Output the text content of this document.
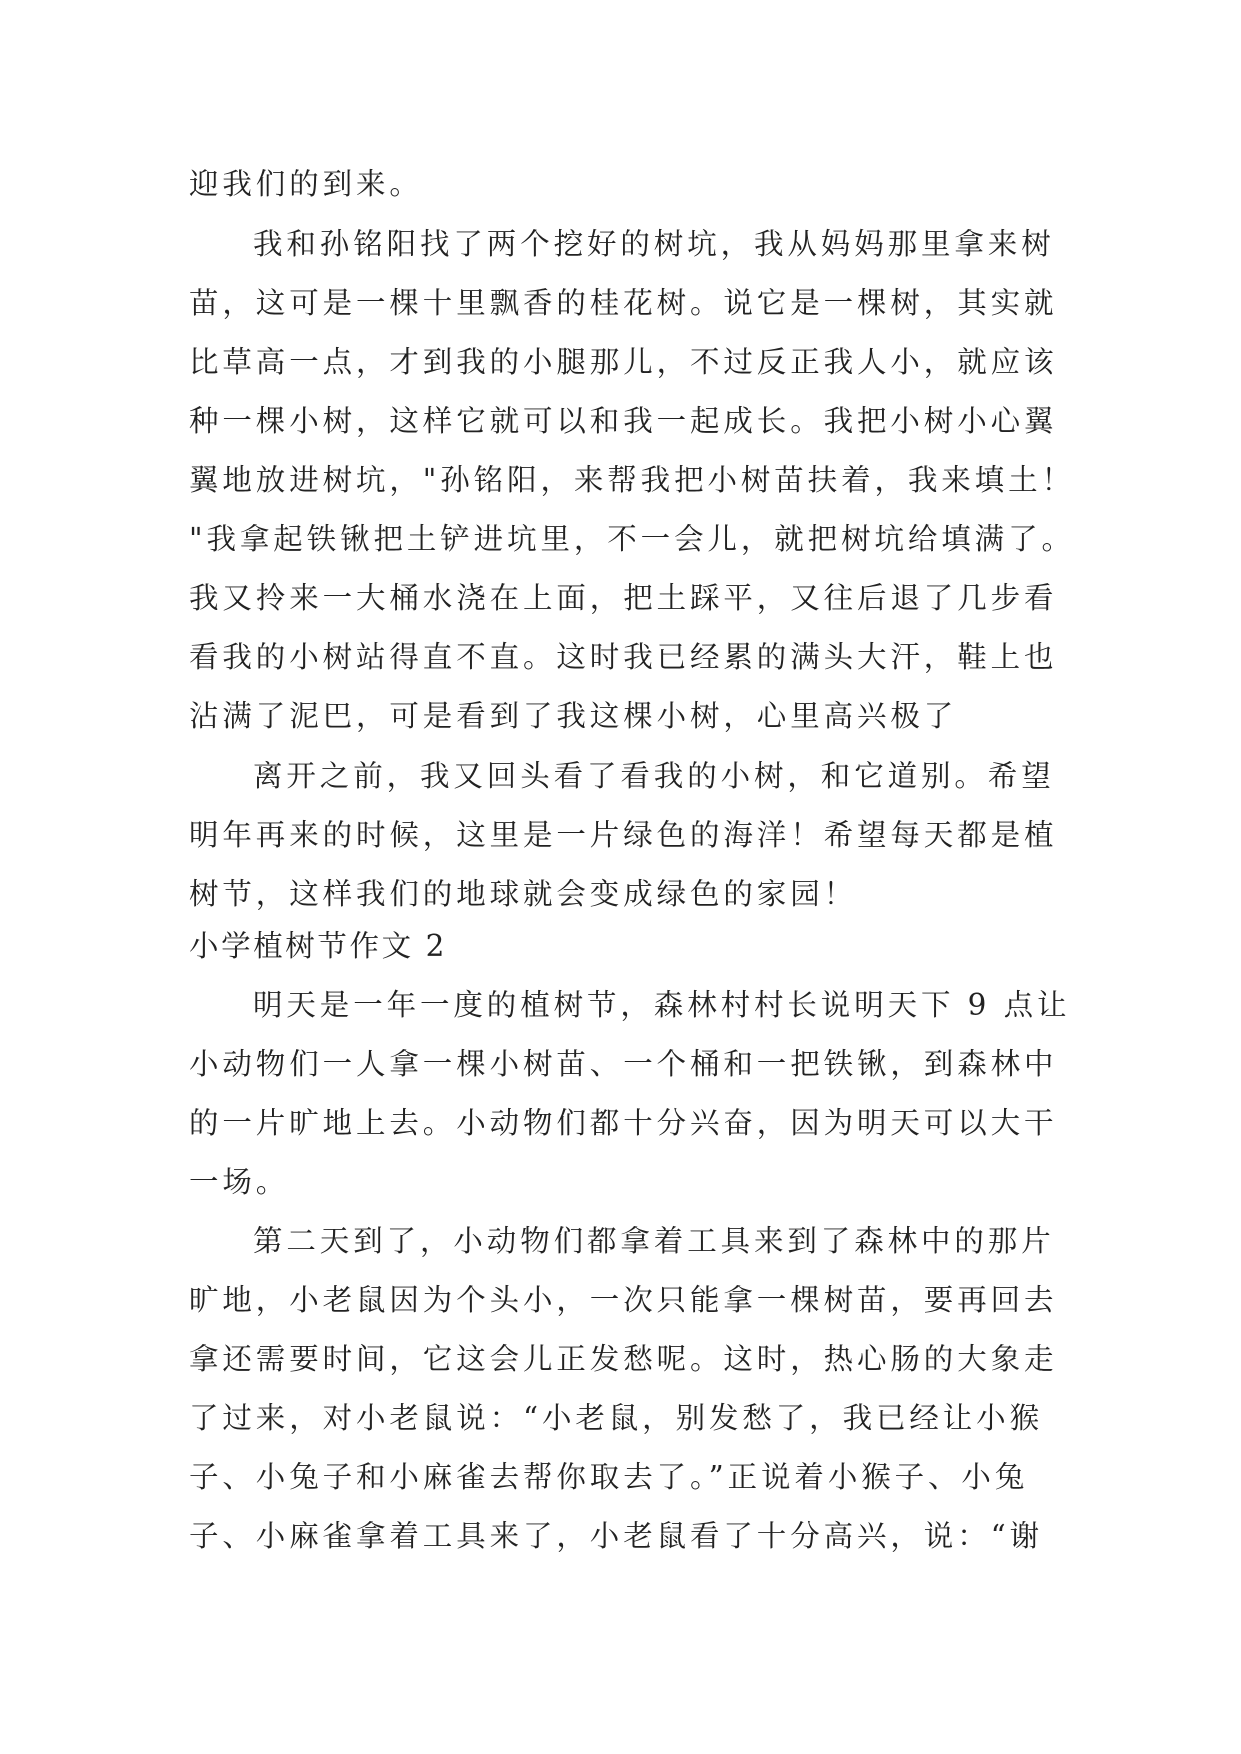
迎我们的到来。
我和孙铭阳找了两个挖好的树坑，我从妈妈那里拿来树
苗，这可是一棵十里飘香的桂花树。说它是一棵树，其实就
比草高一点，才到我的小腿那儿，不过反正我人小，就应该
种一棵小树，这样它就可以和我一起成长。我把小树小心翼
翼地放进树坑，"孙铭阳，来帮我把小树苗扶着，我来填土！
"我拿起铁锹把土铲进坑里，不一会儿，就把树坑给填满了。
我又拎来一大桶水浇在上面，把土踩平，又往后退了几步看
看我的小树站得直不直。这时我已经累的满头大汗，鞋上也
沾满了泥巴，可是看到了我这棵小树，心里高兴极了
离开之前，我又回头看了看我的小树，和它道别。希望
明年再来的时候，这里是一片绿色的海洋！希望每天都是植
树节，这样我们的地球就会变成绿色的家园！
小学植树节作文 2
明天是一年一度的植树节，森林村村长说明天下 9 点让
小动物们一人拿一棵小树苗、一个桶和一把铁锹，到森林中
的一片旷地上去。小动物们都十分兴奋，因为明天可以大干
一场。
第二天到了，小动物们都拿着工具来到了森林中的那片
旷地，小老鼠因为个头小，一次只能拿一棵树苗，要再回去
拿还需要时间，它这会儿正发愁呢。这时，热心肠的大象走
了过来，对小老鼠说：“小老鼠，别发愁了，我已经让小猴
子、小兔子和小麻雀去帮你取去了。”正说着小猴子、小兔
子、小麻雀拿着工具来了，小老鼠看了十分高兴，说：“谢
